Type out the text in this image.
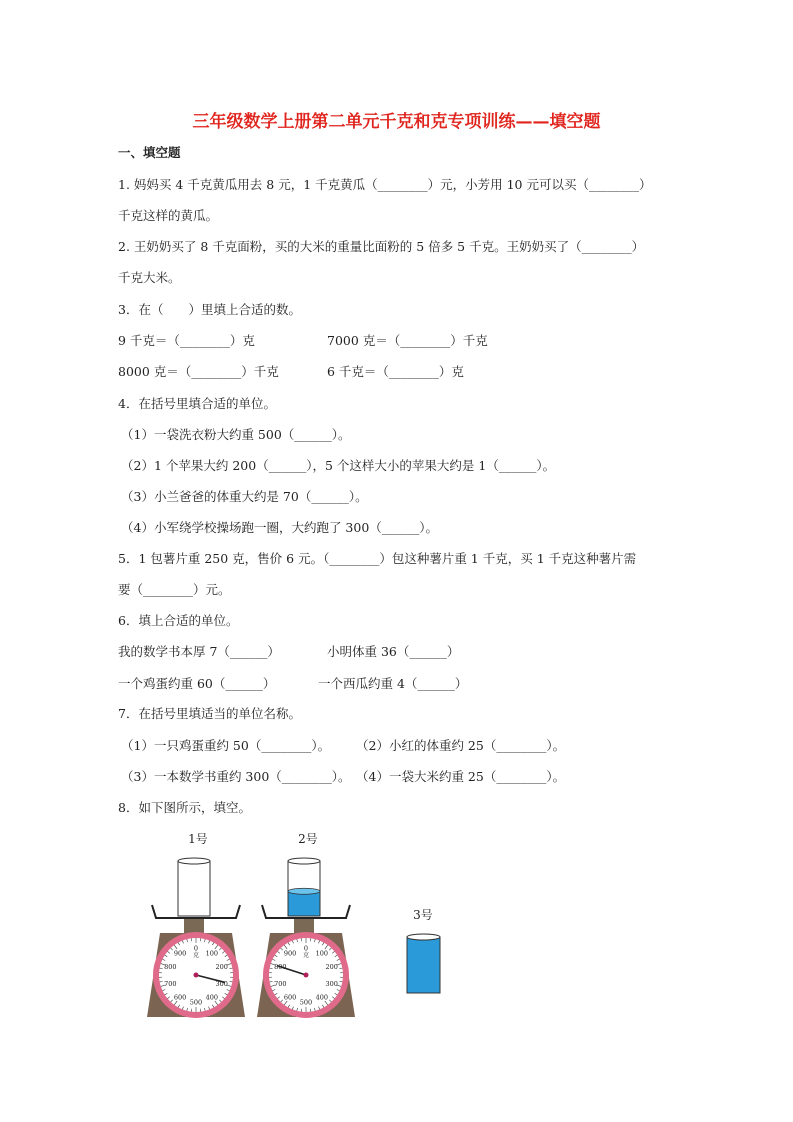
三年级数学上册第二单元千克和克专项训练——填空题
一、填空题
1. 妈妈买 4 千克黄瓜用去 8 元，1 千克黄瓜（________）元，小芳用 10 元可以买（________）
千克这样的黄瓜。
2. 王奶奶买了 8 千克面粉，买的大米的重量比面粉的 5 倍多 5 千克。王奶奶买了（________）
千克大米。
3．在（　　）里填上合适的数。
9 千克＝（________）克	7000 克＝（________）千克
8000 克＝（________）千克	6 千克＝（________）克
4．在括号里填合适的单位。
（1）一袋洗衣粉大约重 500（______）。
（2）1 个苹果大约 200（______），5 个这样大小的苹果大约是 1（______）。
（3）小兰爸爸的体重大约是 70（______）。
（4）小军绕学校操场跑一圈，大约跑了 300（______）。
5．1 包薯片重 250 克，售价 6 元。（________）包这种薯片重 1 千克，买 1 千克这种薯片需
要（________）元。
6．填上合适的单位。
我的数学书本厚 7（______）	小明体重 36（______）
一个鸡蛋约重 60（______）	一个西瓜约重 4（______）
7．在括号里填适当的单位名称。
（1）一只鸡蛋重约 50（________）。 （2）小红的体重约 25（________）。
（3）一本数学书重约 300（________）。 （4）一袋大米约重 25（________）。
8．如下图所示，填空。
1号
0
100
200
300
400
500
600
700
800
900 克
2号
0
100
200
300
400
500
600
700
800
900 克
3号
